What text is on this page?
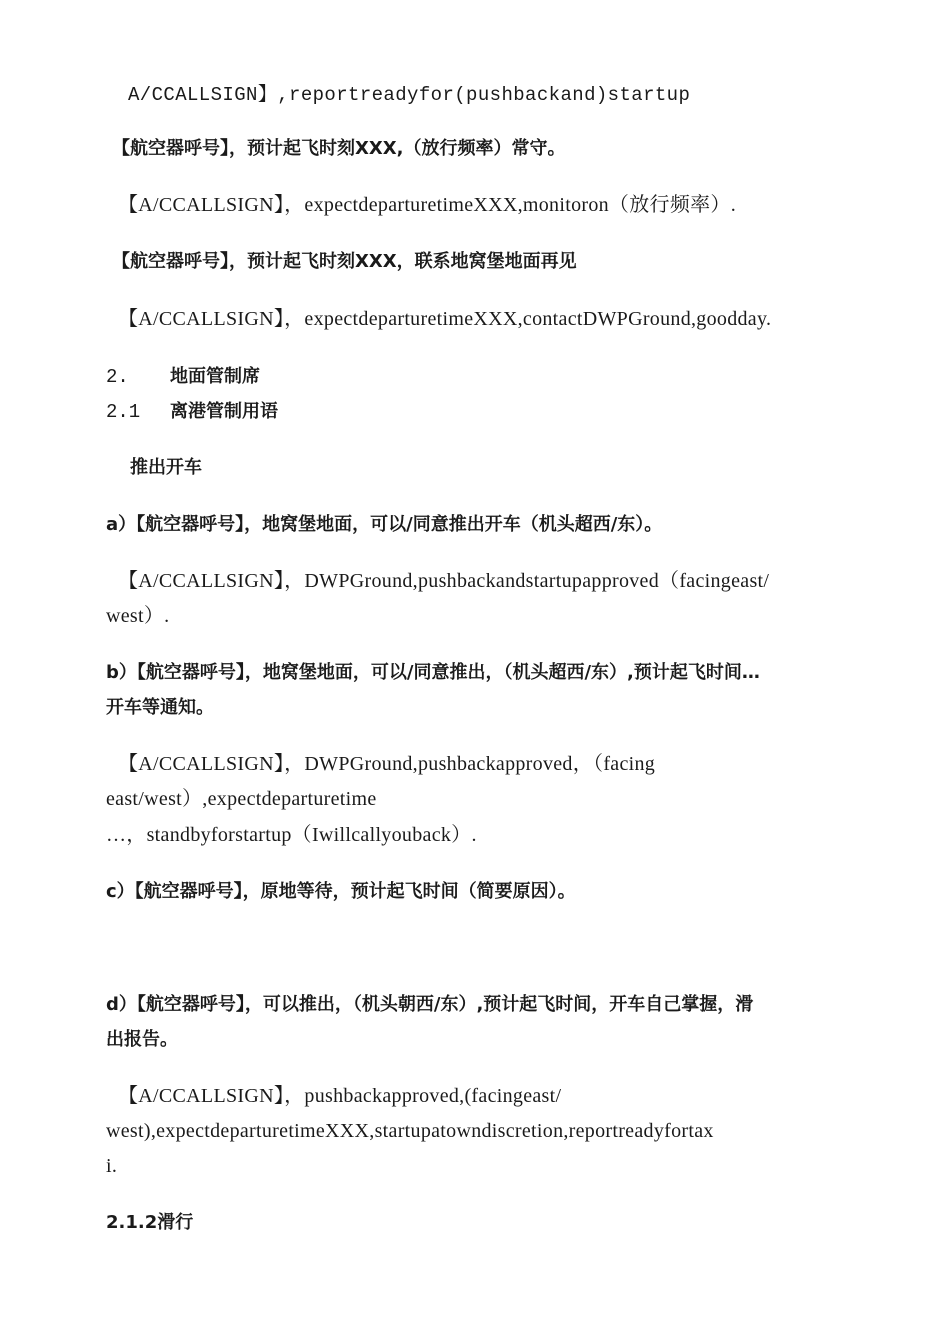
A/CCALLSIGN】,reportreadyfor(pushbackand)startup
【航空器呼号】，预计起飞时刻XXX,（放行频率）常守。
【A/CCALLSIGN】，expectdeparturetimeXXX,monitoron（放行频率）.
【航空器呼号】，预计起飞时刻XXX，联系地窝堡地面再见
【A/CCALLSIGN】，expectdeparturetimeXXX,contactDWPGround,goodday.
2. 地面管制席
2.1 离港管制用语
推出开车
a）【航空器呼号】，地窝堡地面，可以/同意推出开车（机头超西/东）。
【A/CCALLSIGN】，DWPGround,pushbackandstartupapproved（facingeast/
west）.
b）【航空器呼号】，地窝堡地面，可以/同意推出，（机头超西/东）,预计起飞时间…
开车等通知。
【A/CCALLSIGN】，DWPGround,pushbackapproved，（facing
east/west）,expectdeparturetime
…，standbyforstartup（Iwillcallyouback）.
c）【航空器呼号】，原地等待，预计起飞时间（简要原因）。
d）【航空器呼号】，可以推出，（机头朝西/东）,预计起飞时间，开车自己掌握，滑
出报告。
【A/CCALLSIGN】，pushbackapproved,(facingeast/
west),expectdeparturetimeXXX,startupatowndiscretion,reportreadyfortax
i.
2.1.2滑行
